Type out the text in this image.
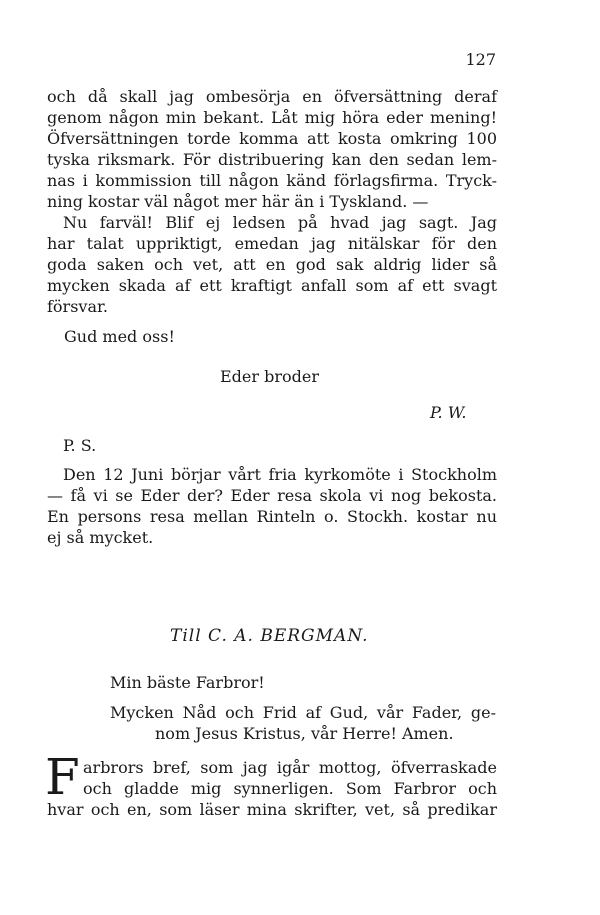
127
och då skall jag ombesörja en öfversättning deraf
genom någon min bekant. Låt mig höra eder mening!
Öfversättningen torde komma att kosta omkring 100
tyska riksmark. För distribuering kan den sedan lem-
nas i kommission till någon känd förlagsfirma. Tryck-
ning kostar väl något mer här än i Tyskland. —
Nu farväl! Blif ej ledsen på hvad jag sagt. Jag
har talat uppriktigt, emedan jag nitälskar för den
goda saken och vet, att en god sak aldrig lider så
mycken skada af ett kraftigt anfall som af ett svagt
försvar.
Gud med oss!
Eder broder
P. W.
P. S.
Den 12 Juni börjar vårt fria kyrkomöte i Stockholm
— få vi se Eder der? Eder resa skola vi nog bekosta.
En persons resa mellan Rinteln o. Stockh. kostar nu
ej så mycket.
Till C. A. BERGMAN.
Min bäste Farbror!
Mycken Nåd och Frid af Gud, vår Fader, ge-
nom Jesus Kristus, vår Herre! Amen.
F arbrors bref, som jag igår mottog, öfverraskade
och gladde mig synnerligen. Som Farbror och
hvar och en, som läser mina skrifter, vet, så predikar
